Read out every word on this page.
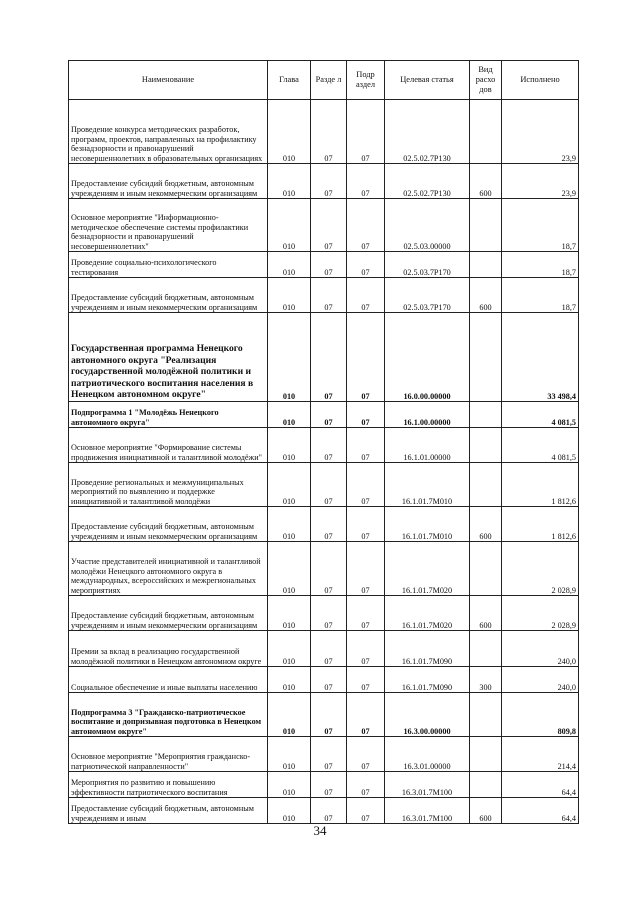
Наименование	Глава	Разде л	Подр аздел	Целевая статья	Вид расхо дов	Исполнено
Проведение конкурса методических разработок, программ, проектов, направленных на профилактику безнадзорности и правонарушений несовершеннолетних в образовательных организациях	010	07	07	02.5.02.7Р130		23,9
Предоставление субсидий бюджетным, автономным учреждениям и иным некоммерческим организациям	010	07	07	02.5.02.7Р130	600	23,9
Основное мероприятие "Информационно-методическое обеспечение системы профилактики безнадзорности и правонарушений несовершеннолетних"	010	07	07	02.5.03.00000		18,7
Проведение социально-психологического тестирования	010	07	07	02.5.03.7Р170		18,7
Предоставление субсидий бюджетным, автономным учреждениям и иным некоммерческим организациям	010	07	07	02.5.03.7Р170	600	18,7
Государственная программа Ненецкого автономного округа "Реализация государственной молодёжной политики и патриотического воспитания населения в Ненецком автономном округе"	010	07	07	16.0.00.00000		33 498,4
Подпрограмма 1 "Молодёжь Ненецкого автономного округа"	010	07	07	16.1.00.00000		4 081,5
Основное мероприятие "Формирование системы продвижения инициативной и талантливой молодёжи"	010	07	07	16.1.01.00000		4 081,5
Проведение региональных и межмуниципальных мероприятий по выявлению и поддержке инициативной и талантливой молодёжи	010	07	07	16.1.01.7М010		1 812,6
Предоставление субсидий бюджетным, автономным учреждениям и иным некоммерческим организациям	010	07	07	16.1.01.7М010	600	1 812,6
Участие представителей инициативной и талантливой молодёжи Ненецкого автономного округа в международных, всероссийских и межрегиональных мероприятиях	010	07	07	16.1.01.7М020		2 028,9
Предоставление субсидий бюджетным, автономным учреждениям и иным некоммерческим организациям	010	07	07	16.1.01.7М020	600	2 028,9
Премии за вклад в реализацию государственной молодёжной политики в Ненецком автономном округе	010	07	07	16.1.01.7М090		240,0
Социальное обеспечение и иные выплаты населению	010	07	07	16.1.01.7М090	300	240,0
Подпрограмма 3 "Гражданско-патриотическое воспитание и допризывная подготовка в Ненецком автономном округе"	010	07	07	16.3.00.00000		809,8
Основное мероприятие "Мероприятия гражданско-патриотической направленности"	010	07	07	16.3.01.00000		214,4
Мероприятия по развитию и повышению эффективности патриотического воспитания	010	07	07	16.3.01.7М100		64,4
Предоставление субсидий бюджетным, автономным учреждениям и иным	010	07	07	16.3.01.7М100	600	64,4
34
